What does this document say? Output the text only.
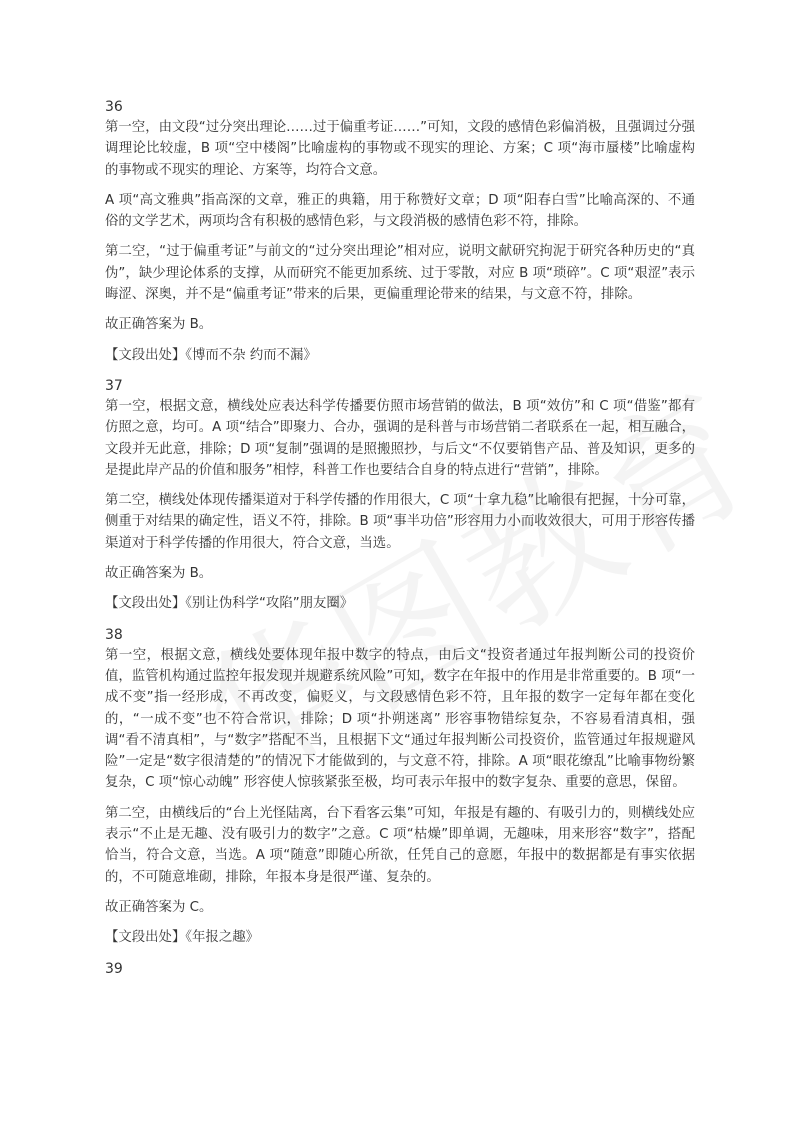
36

第一空，由文段“过分突出理论……过于偏重考证……”可知，文段的感情色彩偏消极，且强调过分强调理论比较虚，B 项“空中楼阁”比喻虚构的事物或不现实的理论、方案；C 项“海市蜃楼”比喻虚构的事物或不现实的理论、方案等，均符合文意。

A 项“高文雅典”指高深的文章，雅正的典籍，用于称赞好文章；D 项“阳春白雪”比喻高深的、不通俗的文学艺术，两项均含有积极的感情色彩，与文段消极的感情色彩不符，排除。

第二空，“过于偏重考证”与前文的“过分突出理论”相对应，说明文献研究拘泥于研究各种历史的“真伪”，缺少理论体系的支撑，从而研究不能更加系统、过于零散，对应 B 项“琐碎”。C 项“艰涩”表示晦涩、深奥，并不是“偏重考证”带来的后果，更偏重理论带来的结果，与文意不符，排除。

故正确答案为 B。

【文段出处】《博而不杂 约而不漏》

37

第一空，根据文意，横线处应表达科学传播要仿照市场营销的做法，B 项“效仿”和 C 项“借鉴”都有仿照之意，均可。A 项“结合”即聚力、合办，强调的是科普与市场营销二者联系在一起，相互融合，文段并无此意，排除；D 项“复制”强调的是照搬照抄，与后文“不仅要销售产品、普及知识，更多的是提此岸产品的价值和服务”相悖，科普工作也要结合自身的特点进行“营销”，排除。

第二空，横线处体现传播渠道对于科学传播的作用很大，C 项“十拿九稳”比喻很有把握，十分可靠，侧重于对结果的确定性，语义不符，排除。B 项“事半功倍”形容用力小而收效很大，可用于形容传播渠道对于科学传播的作用很大，符合文意，当选。

故正确答案为 B。

【文段出处】《别让伪科学“攻陷”朋友圈》

38

第一空，根据文意，横线处要体现年报中数字的特点，由后文“投资者通过年报判断公司的投资价值，监管机构通过监控年报发现并规避系统风险”可知，数字在年报中的作用是非常重要的。B 项“一成不变”指一经形成，不再改变，偏贬义，与文段感情色彩不符，且年报的数字一定每年都在变化的，“一成不变”也不符合常识，排除；D 项“扑朔迷离” 形容事物错综复杂，不容易看清真相，强调“看不清真相”，与“数字”搭配不当，且根据下文“通过年报判断公司投资价，监管通过年报规避风险”一定是“数字很清楚的”的情况下才能做到的，与文意不符，排除。A 项“眼花缭乱”比喻事物纷繁复杂，C 项“惊心动魄” 形容使人惊骇紧张至极，均可表示年报中的数字复杂、重要的意思，保留。

第二空，由横线后的“台上光怪陆离，台下看客云集”可知，年报是有趣的、有吸引力的，则横线处应表示“不止是无趣、没有吸引力的数字”之意。C 项“枯燥”即单调，无趣味，用来形容“数字”，搭配恰当，符合文意，当选。A 项“随意”即随心所欲，任凭自己的意愿，年报中的数据都是有事实依据的，不可随意堆砌，排除，年报本身是很严谨、复杂的。

故正确答案为 C。

【文段出处】《年报之趣》

39
